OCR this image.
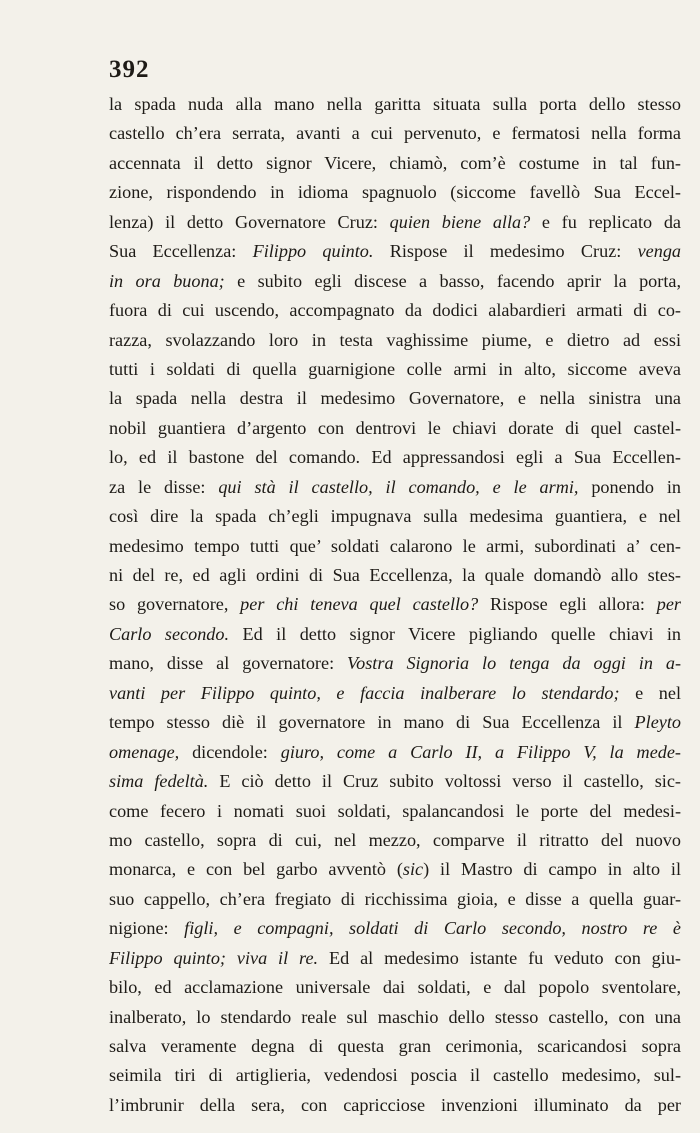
392

la spada nuda alla mano nella garitta situata sulla porta dello stesso
castello ch’era serrata, avanti a cui pervenuto, e fermatosi nella forma
accennata il detto signor Vicere, chiamò, com’è costume in tal fun-
zione, rispondendo in idioma spagnuolo (siccome favellò Sua Eccel-
lenza) il detto Governatore Cruz: quien biene alla? e fu replicato da
Sua Eccellenza: Filippo quinto. Rispose il medesimo Cruz: venga
in ora buona; e subito egli discese a basso, facendo aprir la porta,
fuora di cui uscendo, accompagnato da dodici alabardieri armati di co-
razza, svolazzando loro in testa vaghissime piume, e dietro ad essi
tutti i soldati di quella guarnigione colle armi in alto, siccome aveva
la spada nella destra il medesimo Governatore, e nella sinistra una
nobil guantiera d’argento con dentrovi le chiavi dorate di quel castel-
lo, ed il bastone del comando. Ed appressandosi egli a Sua Eccellen-
za le disse: qui stà il castello, il comando, e le armi, ponendo in
così dire la spada ch’egli impugnava sulla medesima guantiera, e nel
medesimo tempo tutti que’ soldati calarono le armi, subordinati a’ cen-
ni del re, ed agli ordini di Sua Eccellenza, la quale domandò allo stes-
so governatore, per chi teneva quel castello? Rispose egli allora: per
Carlo secondo. Ed il detto signor Vicere pigliando quelle chiavi in
mano, disse al governatore: Vostra Signoria lo tenga da oggi in a-
vanti per Filippo quinto, e faccia inalberare lo stendardo; e nel
tempo stesso diè il governatore in mano di Sua Eccellenza il Pleyto
omenage, dicendole: giuro, come a Carlo II, a Filippo V, la mede-
sima fedeltà. E ciò detto il Cruz subito voltossi verso il castello, sic-
come fecero i nomati suoi soldati, spalancandosi le porte del medesi-
mo castello, sopra di cui, nel mezzo, comparve il ritratto del nuovo
monarca, e con bel garbo avventò (sic) il Mastro di campo in alto il
suo cappello, ch’era fregiato di ricchissima gioia, e disse a quella guar-
nigione: figli, e compagni, soldati di Carlo secondo, nostro re è
Filippo quinto; viva il re. Ed al medesimo istante fu veduto con giu-
bilo, ed acclamazione universale dai soldati, e dal popolo sventolare,
inalberato, lo stendardo reale sul maschio dello stesso castello, con una
salva veramente degna di questa gran cerimonia, scaricandosi sopra
seimila tiri di artiglieria, vedendosi poscia il castello medesimo, sul-
l’imbrunir della sera, con capricciose invenzioni illuminato da per
